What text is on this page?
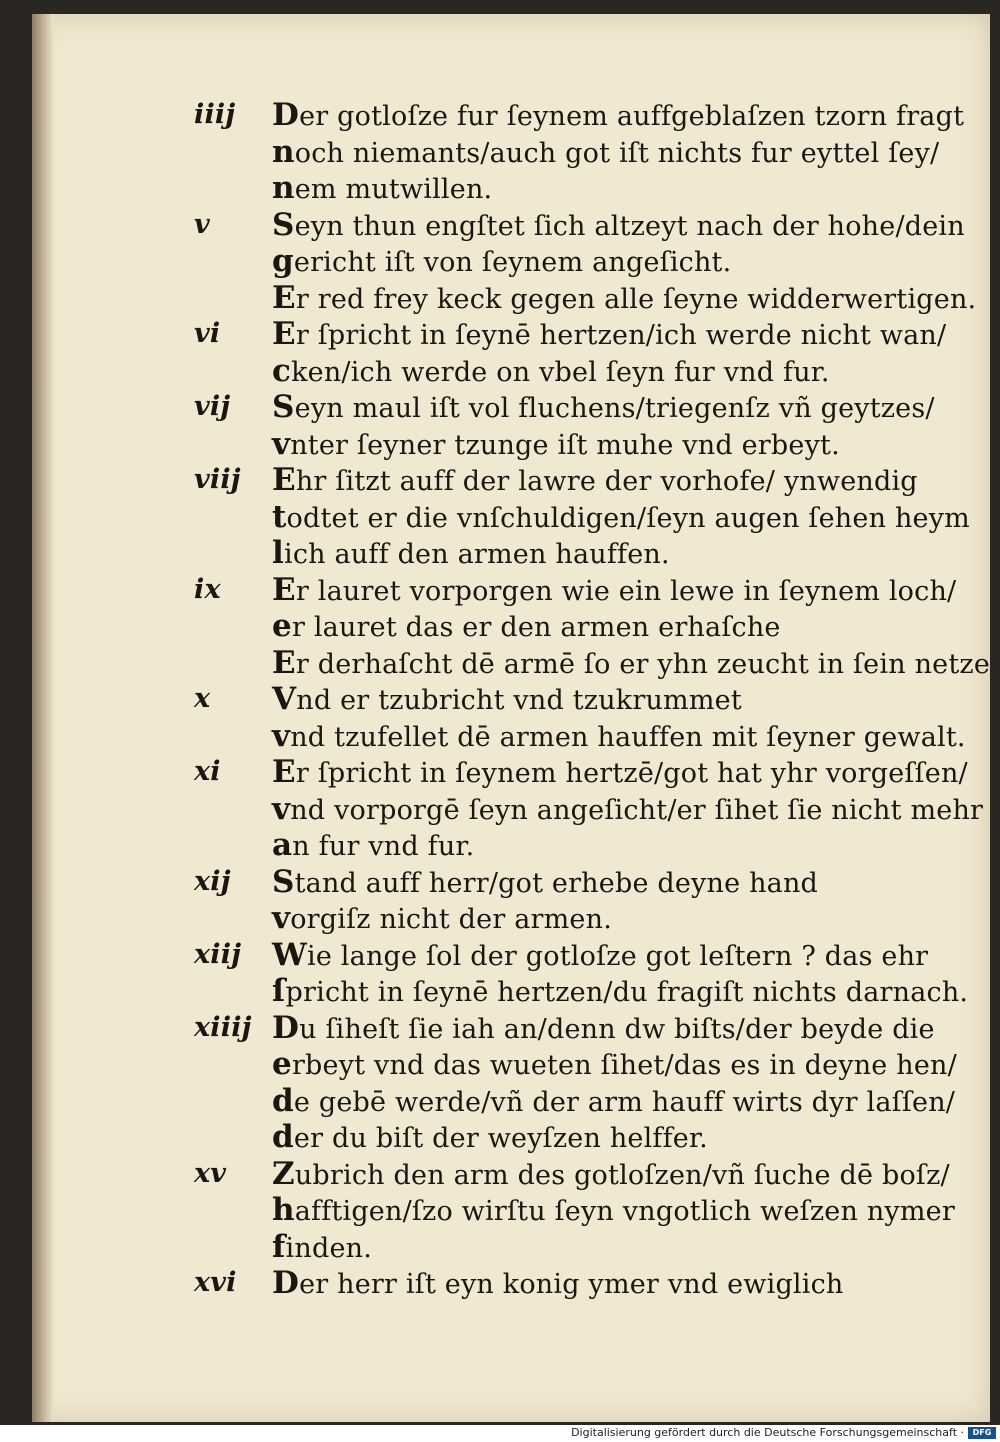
iiij	Der gotloſze fur ſeynem auffgeblaſzen tzorn fragt
noch niemants/auch got iſt nichts fur eyttel ſey/
nem mutwillen.
v	Seyn thun engſtet ſich altzeyt nach der hohe/dein
gericht iſt von ſeynem angeſicht.
Er red frey keck gegen alle ſeyne widderwertigen.
vi	Er ſpricht in ſeynē hertzen/ich werde nicht wan/
cken/ich werde on vbel ſeyn fur vnd fur.
vij	Seyn maul iſt vol fluchens/triegenſz vñ geytzes/
vnter ſeyner tzunge iſt muhe vnd erbeyt.
viij	Ehr ſitzt auff der lawre der vorhofe/ ynwendig
todtet er die vnſchuldigen/ſeyn augen ſehen heym
lich auff den armen hauffen.
ix	Er lauret vorporgen wie ein lewe in ſeynem loch/
er lauret das er den armen erhaſche
Er derhaſcht dē armē ſo er yhn zeucht in ſein netze
x	Vnd er tzubricht vnd tzukrummet
vnd tzufellet dē armen hauffen mit ſeyner gewalt.
xi	Er ſpricht in ſeynem hertzē/got hat yhr vorgeſſen/
vnd vorporgē ſeyn angeſicht/er ſihet ſie nicht mehr
an fur vnd fur.
xij	Stand auff herr/got erhebe deyne hand
vorgiſz nicht der armen.
xiij	Wie lange ſol der gotloſze got leſtern ? das ehr
ſpricht in ſeynē hertzen/du fragiſt nichts darnach.
xiiij Du ſiheſt ſie iah an/denn dw biſts/der beyde die
erbeyt vnd das wueten ſihet/das es in deyne hen/
de gebē werde/vñ der arm hauff wirts dyr laſſen/
der du biſt der weyſzen helffer.
xv	Zubrich den arm des gotloſzen/vñ ſuche dē boſz/
hafftigen/ſzo wirſtu ſeyn vngotlich weſzen nymer
finden.
xvi	Der herr iſt eyn konig ymer vnd ewiglich
Digitalisierung gefördert durch die Deutsche Forschungsgemeinschaft ·	DFG
